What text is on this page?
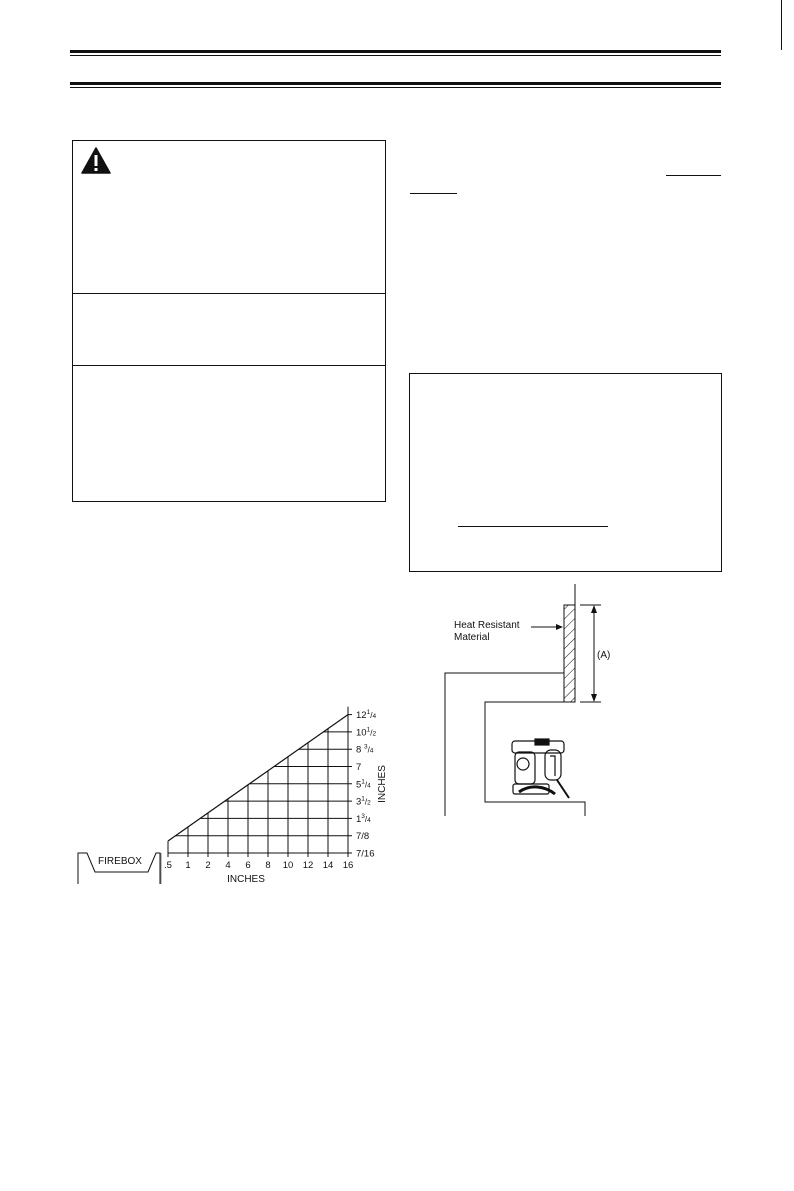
.5 1 2 4 6 8 10 12 14 16
$12^1_/4$
$10^1_/2$
8 $^3_/$4
7
$5^1_/4$
$3^1_/2$
$1^3_/4$
7/8
7/16
FIREBOX
INCHES
INCHES
Heat Resistant
Material
(A)
